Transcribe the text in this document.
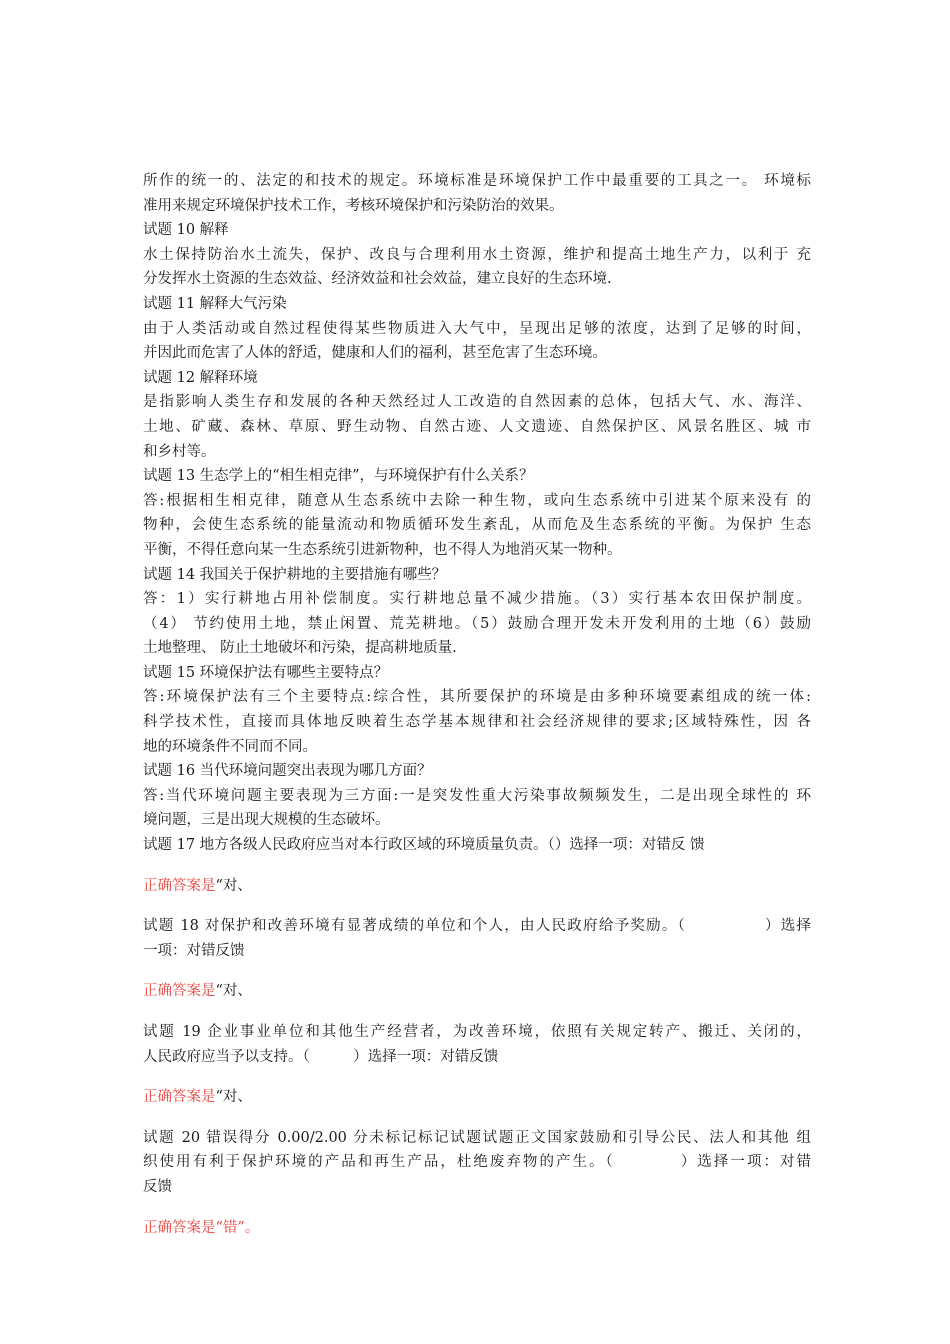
所作的统一的、法定的和技术的规定。环境标准是环境保护工作中最重要的工具之一。 环境标
准用来规定环境保护技术工作，考核环境保护和污染防治的效果。
试题 10 解释
水土保持防治水土流失，保护、改良与合理利用水土资源，维护和提高土地生产力，以利于 充
分发挥水土资源的生态效益、经济效益和社会效益，建立良好的生态环境.
试题 11 解释大气污染
由于人类活动或自然过程使得某些物质进入大气中，呈现出足够的浓度，达到了足够的时间，
并因此而危害了人体的舒适，健康和人们的福利，甚至危害了生态环境。
试题 12 解释环境
是指影响人类生存和发展的各种天然经过人工改造的自然因素的总体，包括大气、水、海洋、
土地、矿藏、森林、草原、野生动物、自然古迹、人文遗迹、自然保护区、风景名胜区、城 市
和乡村等。
试题 13 生态学上的“相生相克律”，与环境保护有什么关系？
答:根据相生相克律，随意从生态系统中去除一种生物，或向生态系统中引进某个原来没有 的
物种，会使生态系统的能量流动和物质循环发生紊乱，从而危及生态系统的平衡。为保护 生态
平衡，不得任意向某一生态系统引进新物种，也不得人为地消灭某一物种。
试题 14 我国关于保护耕地的主要措施有哪些？
答：1）实行耕地占用补偿制度。实行耕地总量不减少措施。（3）实行基本农田保护制度。
（4） 节约使用土地，禁止闲置、荒芜耕地。（5）鼓励合理开发未开发利用的土地（6）鼓励
土地整理、 防止土地破坏和污染，提高耕地质量.
试题 15 环境保护法有哪些主要特点？
答:环境保护法有三个主要特点:综合性，其所要保护的环境是由多种环境要素组成的统一体:
科学技术性，直接而具体地反映着生态学基本规律和社会经济规律的要求;区域特殊性，因 各
地的环境条件不同而不同。
试题 16 当代环境问题突出表现为哪几方面？
答:当代环境问题主要表现为三方面:一是突发性重大污染事故频频发生，二是出现全球性的 环
境问题，三是出现大规模的生态破坏。
试题 17 地方各级人民政府应当对本行政区域的环境质量负责。（）选择一项：对错反 馈
正确答案是“对、
试题 18 对保护和改善环境有显著成绩的单位和个人，由人民政府给予奖励。（　　　　　）选择
一项：对错反馈
正确答案是“对、
试题 19 企业事业单位和其他生产经营者，为改善环境，依照有关规定转产、搬迁、关闭的，
人民政府应当予以支持。（　　　）选择一项：对错反馈
正确答案是“对、
试题 20 错误得分 0.00/2.00 分未标记标记试题试题正文国家鼓励和引导公民、法人和其他 组
织使用有利于保护环境的产品和再生产品，杜绝废弃物的产生。（　　　　）选择一项：对错
反馈
正确答案是“错”。
